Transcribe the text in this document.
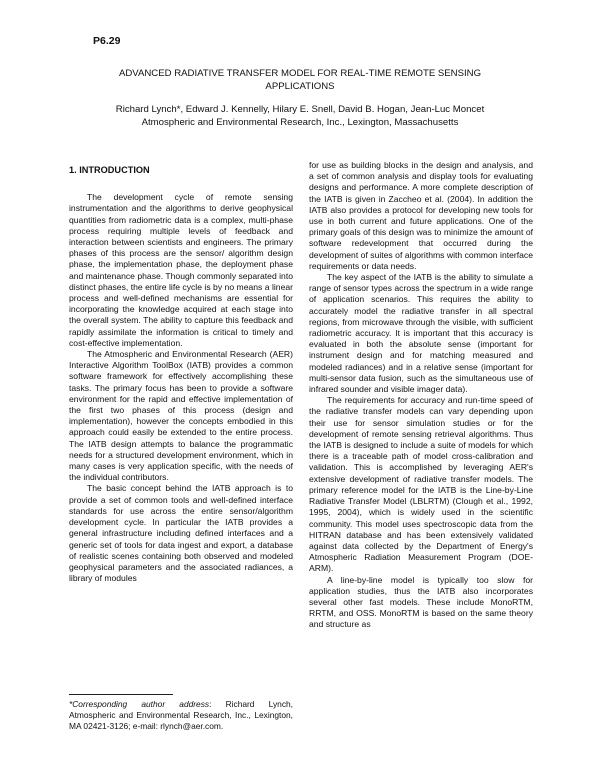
P6.29
ADVANCED RADIATIVE TRANSFER MODEL FOR REAL-TIME REMOTE SENSING
APPLICATIONS
Richard Lynch*, Edward J. Kennelly, Hilary E. Snell, David B. Hogan, Jean-Luc Moncet
Atmospheric and Environmental Research, Inc., Lexington, Massachusetts
1. INTRODUCTION

The development cycle of remote sensing instrumentation and the algorithms to derive geophysical quantities from radiometric data is a complex, multi-phase process requiring multiple levels of feedback and interaction between scientists and engineers. The primary phases of this process are the sensor/ algorithm design phase, the implementation phase, the deployment phase and maintenance phase. Though commonly separated into distinct phases, the entire life cycle is by no means a linear process and well-defined mechanisms are essential for incorporating the knowledge acquired at each stage into the overall system. The ability to capture this feedback and rapidly assimilate the information is critical to timely and cost-effective implementation.

The Atmospheric and Environmental Research (AER) Interactive Algorithm ToolBox (IATB) provides a common software framework for effectively accomplishing these tasks. The primary focus has been to provide a software environment for the rapid and effective implementation of the first two phases of this process (design and implementation), however the concepts embodied in this approach could easily be extended to the entire process. The IATB design attempts to balance the programmatic needs for a structured development environment, which in many cases is very application specific, with the needs of the individual contributors.

The basic concept behind the IATB approach is to provide a set of common tools and well-defined interface standards for use across the entire sensor/algorithm development cycle. In particular the IATB provides a general infrastructure including defined interfaces and a generic set of tools for data ingest and export, a database of realistic scenes containing both observed and modeled geophysical parameters and the associated radiances, a library of modules

for use as building blocks in the design and analysis, and a set of common analysis and display tools for evaluating designs and performance. A more complete description of the IATB is given in Zaccheo et al. (2004). In addition the IATB also provides a protocol for developing new tools for use in both current and future applications. One of the primary goals of this design was to minimize the amount of software redevelopment that occurred during the development of suites of algorithms with common interface requirements or data needs.

The key aspect of the IATB is the ability to simulate a range of sensor types across the spectrum in a wide range of application scenarios. This requires the ability to accurately model the radiative transfer in all spectral regions, from microwave through the visible, with sufficient radiometric accuracy. It is important that this accuracy is evaluated in both the absolute sense (important for instrument design and for matching measured and modeled radiances) and in a relative sense (important for multi-sensor data fusion, such as the simultaneous use of infrared sounder and visible imager data).

The requirements for accuracy and run-time speed of the radiative transfer models can vary depending upon their use for sensor simulation studies or for the development of remote sensing retrieval algorithms. Thus the IATB is designed to include a suite of models for which there is a traceable path of model cross-calibration and validation. This is accomplished by leveraging AER's extensive development of radiative transfer models. The primary reference model for the IATB is the Line-by-Line Radiative Transfer Model (LBLRTM) (Clough et al., 1992, 1995, 2004), which is widely used in the scientific community. This model uses spectroscopic data from the HITRAN database and has been extensively validated against data collected by the Department of Energy's Atmospheric Radiation Measurement Program (DOE-ARM).

A line-by-line model is typically too slow for application studies, thus the IATB also incorporates several other fast models. These include MonoRTM, RRTM, and OSS. MonoRTM is based on the same theory and structure as

*Corresponding author address: Richard Lynch, Atmospheric and Environmental Research, Inc., Lexington, MA 02421-3126; e-mail: rlynch@aer.com.
